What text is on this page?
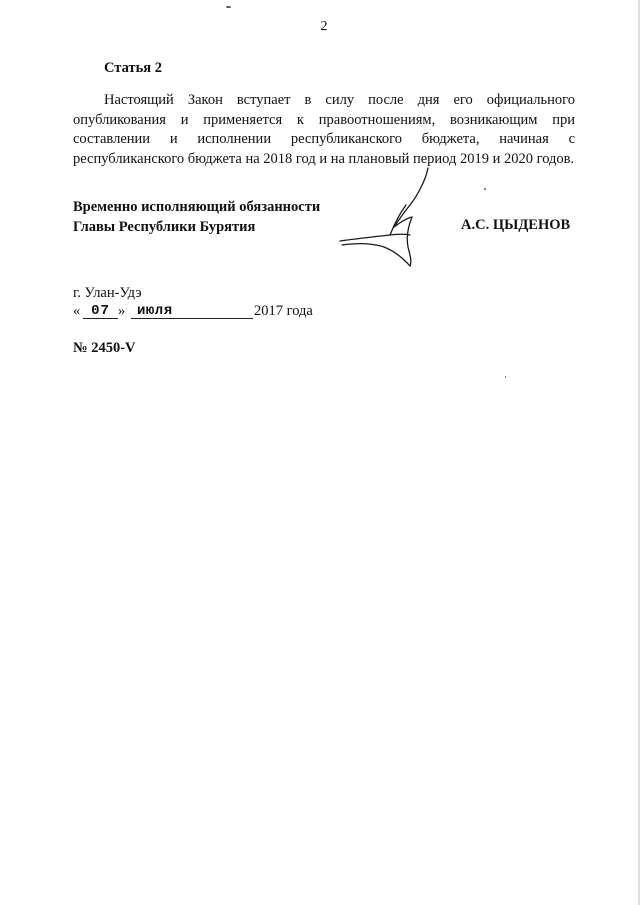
2
Статья 2

Настоящий Закон вступает в силу после дня его официального опубликования и применяется к правоотношениям, возникающим при составлении и исполнении республиканского бюджета, начиная с республиканского бюджета на 2018 год и на плановый период 2019 и 2020 годов.

Временно исполняющий обязанности
Главы Республики Бурятия	А.С. ЦЫДЕНОВ
г. Улан-Удэ
« 07 » июля	2017 года
№ 2450-V
